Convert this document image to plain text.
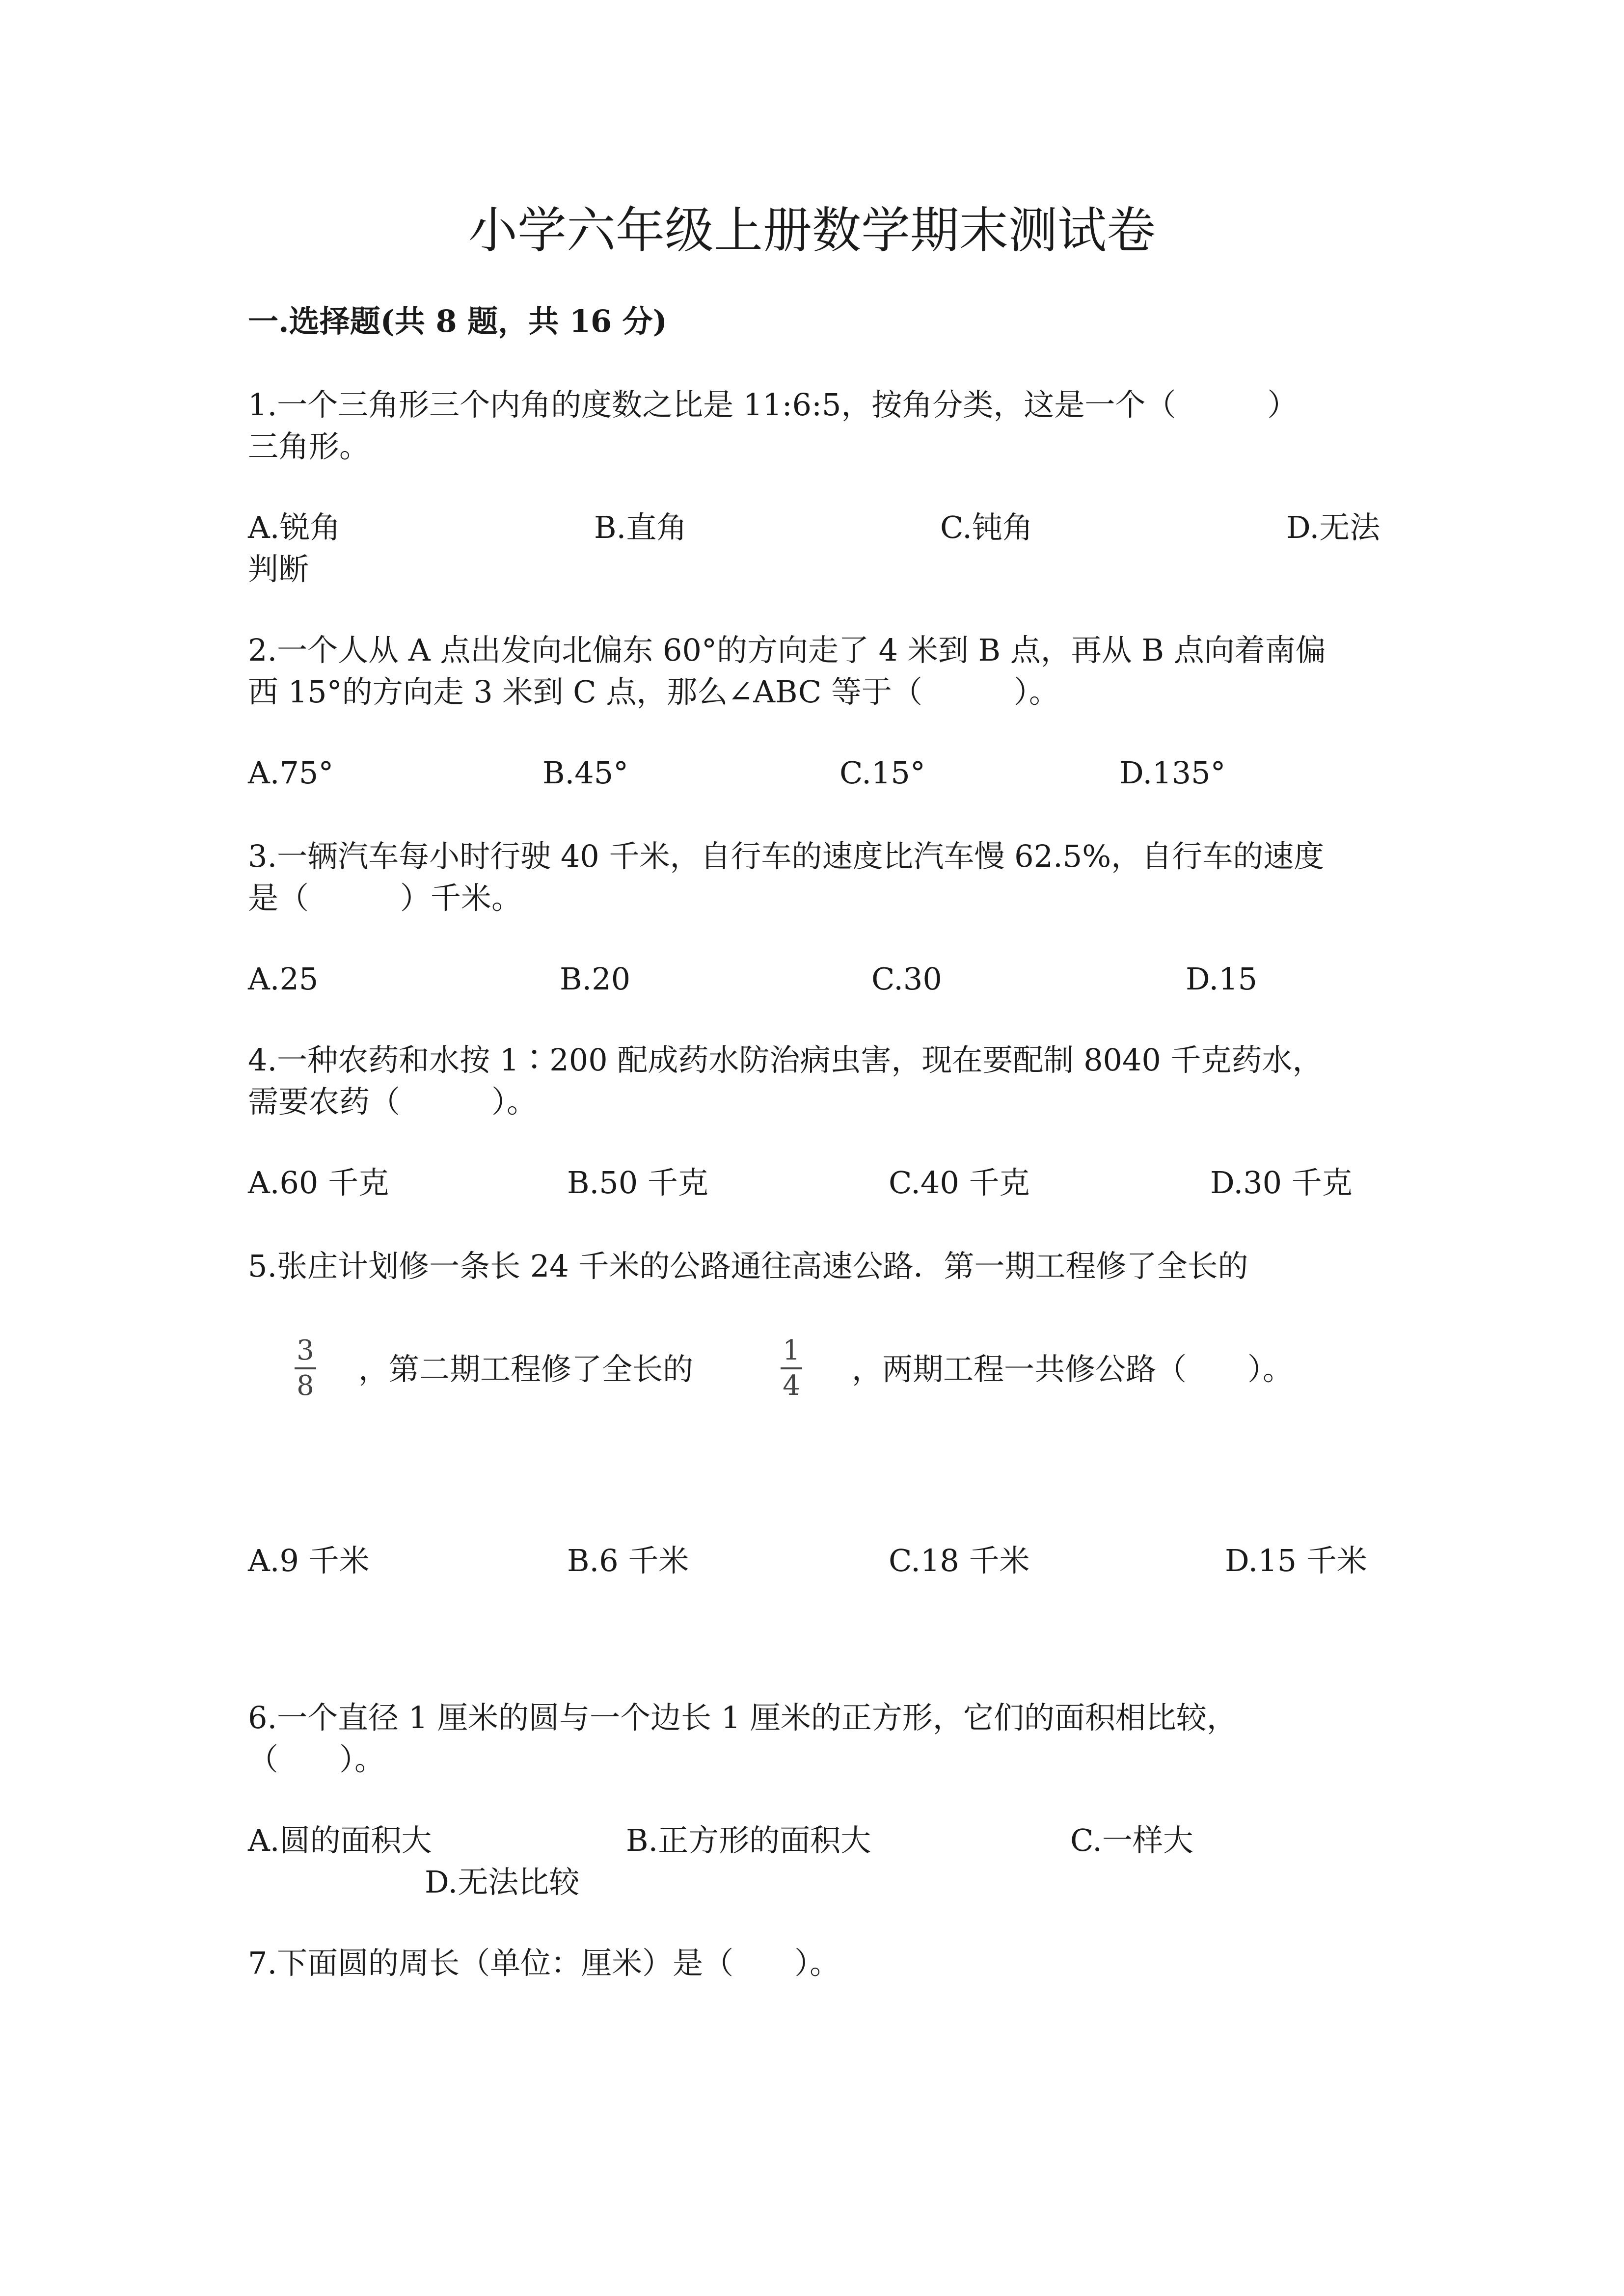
小学六年级上册数学期末测试卷
一.选择题(共 8 题，共 16 分)
1.一个三角形三个内角的度数之比是 11:6:5，按角分类，这是一个（　　　）
三角形。
A.锐角	B.直角	C.钝角	D.无法
判断
2.一个人从 A 点出发向北偏东 60°的方向走了 4 米到 B 点，再从 B 点向着南偏
西 15°的方向走 3 米到 C 点，那么∠ABC 等于（　　　）。
A.75°	B.45°	C.15°	D.135°
3.一辆汽车每小时行驶 40 千米，自行车的速度比汽车慢 62.5%，自行车的速度
是（　　　）千米。
A.25	B.20	C.30	D.15
4.一种农药和水按 1∶200 配成药水防治病虫害，现在要配制 8040 千克药水，
需要农药（　　　）。
A.60 千克	B.50 千克	C.40 千克	D.30 千克
5.张庄计划修一条长 24 千米的公路通往高速公路．第一期工程修了全长的
3
8 ，第二期工程修了全长的
1
4 ，两期工程一共修公路（　　）。
A.9 千米	B.6 千米	C.18 千米	D.15 千米
6.一个直径 1 厘米的圆与一个边长 1 厘米的正方形，它们的面积相比较，
（　　）。
A.圆的面积大	B.正方形的面积大	C.一样大
D.无法比较
7.下面圆的周长（单位：厘米）是（　　）。
